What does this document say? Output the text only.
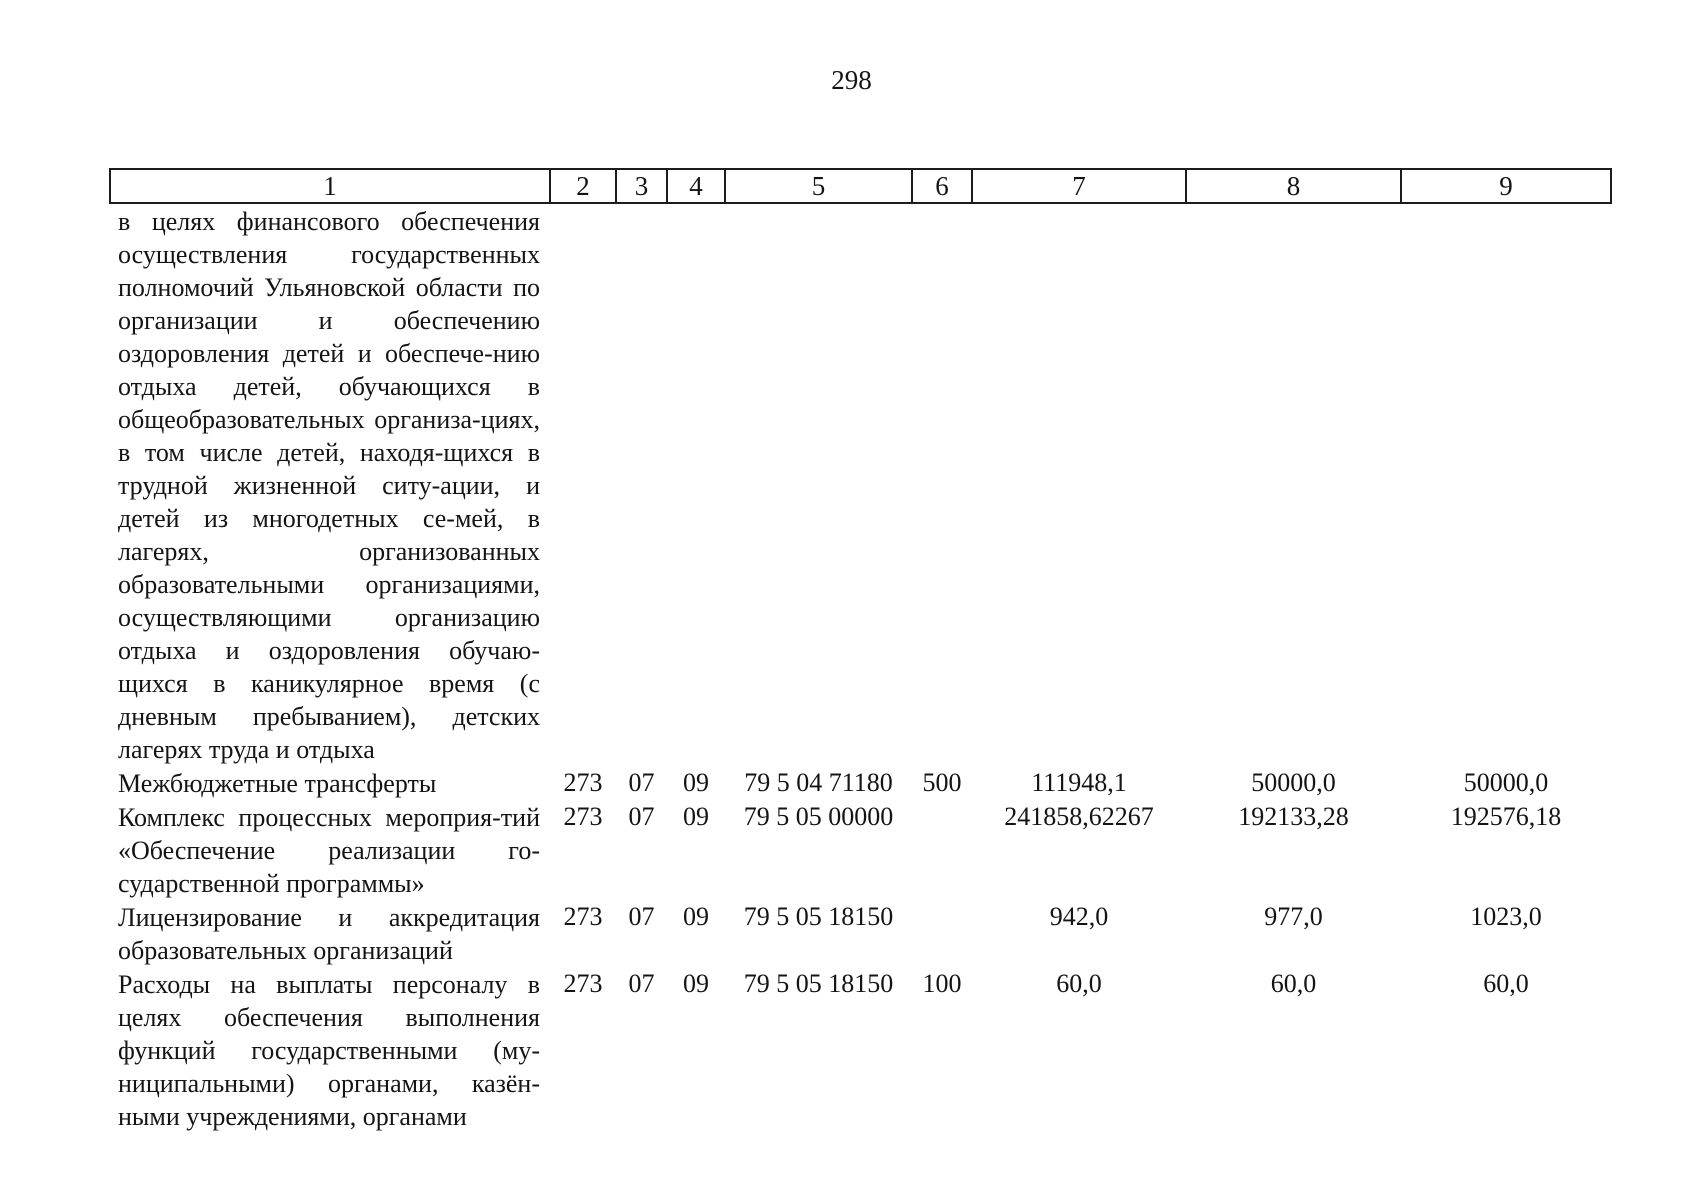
298
1	2	3	4	5	6	7	8	9
в целях финансового обеспечения осуществления государственных полномочий Ульяновской области по организации и обеспечению оздоровления детей и обеспече-нию отдыха детей, обучающихся в общеобразовательных организа-циях, в том числе детей, находя-щихся в трудной жизненной ситу-ации, и детей из многодетных се-мей, в лагерях, организованных образовательными организациями, осуществляющими организацию отдыха и оздоровления обучаю-щихся в каникулярное время (с дневным пребыванием), детских лагерях труда и отдыха								
Межбюджетные трансферты	273	07	09	79 5 04 71180	500	111948,1	50000,0	50000,0
Комплекс процессных мероприя-тий «Обеспечение реализации го-сударственной программы»	273	07	09	79 5 05 00000		241858,62267	192133,28	192576,18
Лицензирование и аккредитация образовательных организаций	273	07	09	79 5 05 18150		942,0	977,0	1023,0
Расходы на выплаты персоналу в целях обеспечения выполнения функций государственными (му-ниципальными) органами, казён-ными учреждениями, органами	273	07	09	79 5 05 18150	100	60,0	60,0	60,0
